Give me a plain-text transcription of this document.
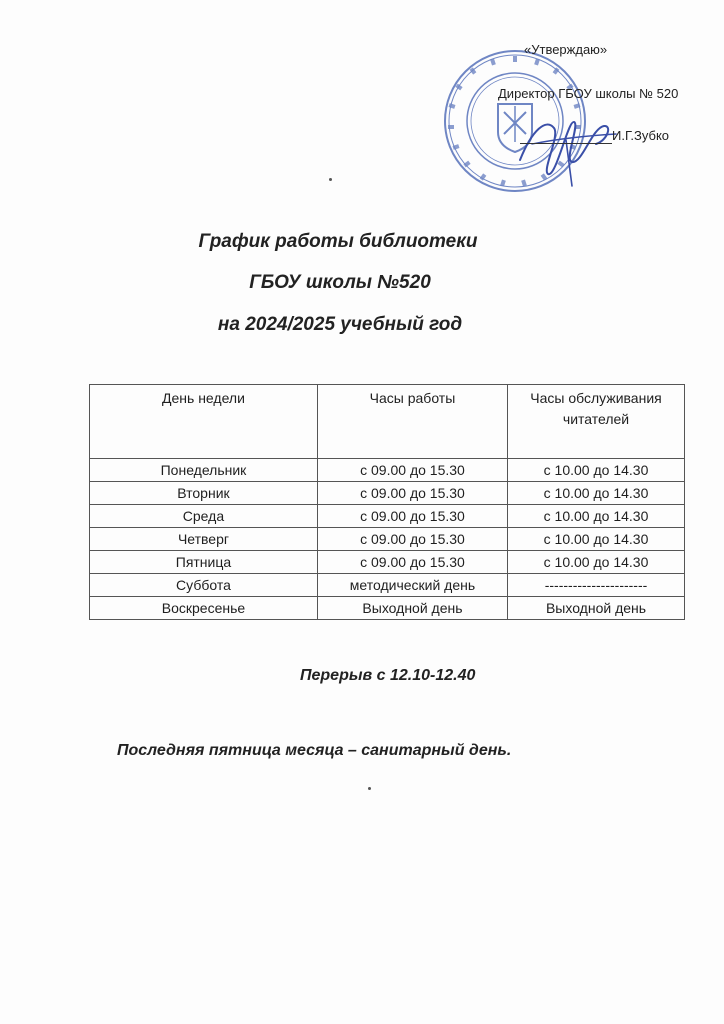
«Утверждаю»
Директор ГБОУ школы № 520
И.Г.Зубко
График работы библиотеки
ГБОУ школы №520
на 2024/2025 учебный год
День недели	Часы работы	Часы обслуживания читателей
Понедельник	с 09.00 до 15.30	с 10.00 до 14.30
Вторник	с 09.00 до 15.30	с 10.00 до 14.30
Среда	с 09.00 до 15.30	с 10.00 до 14.30
Четверг	с 09.00 до 15.30	с 10.00 до 14.30
Пятница	с 09.00 до 15.30	с 10.00 до 14.30
Суббота	методический день	----------------------
Воскресенье	Выходной день	Выходной день
Перерыв с 12.10-12.40
Последняя пятница месяца – санитарный день.
